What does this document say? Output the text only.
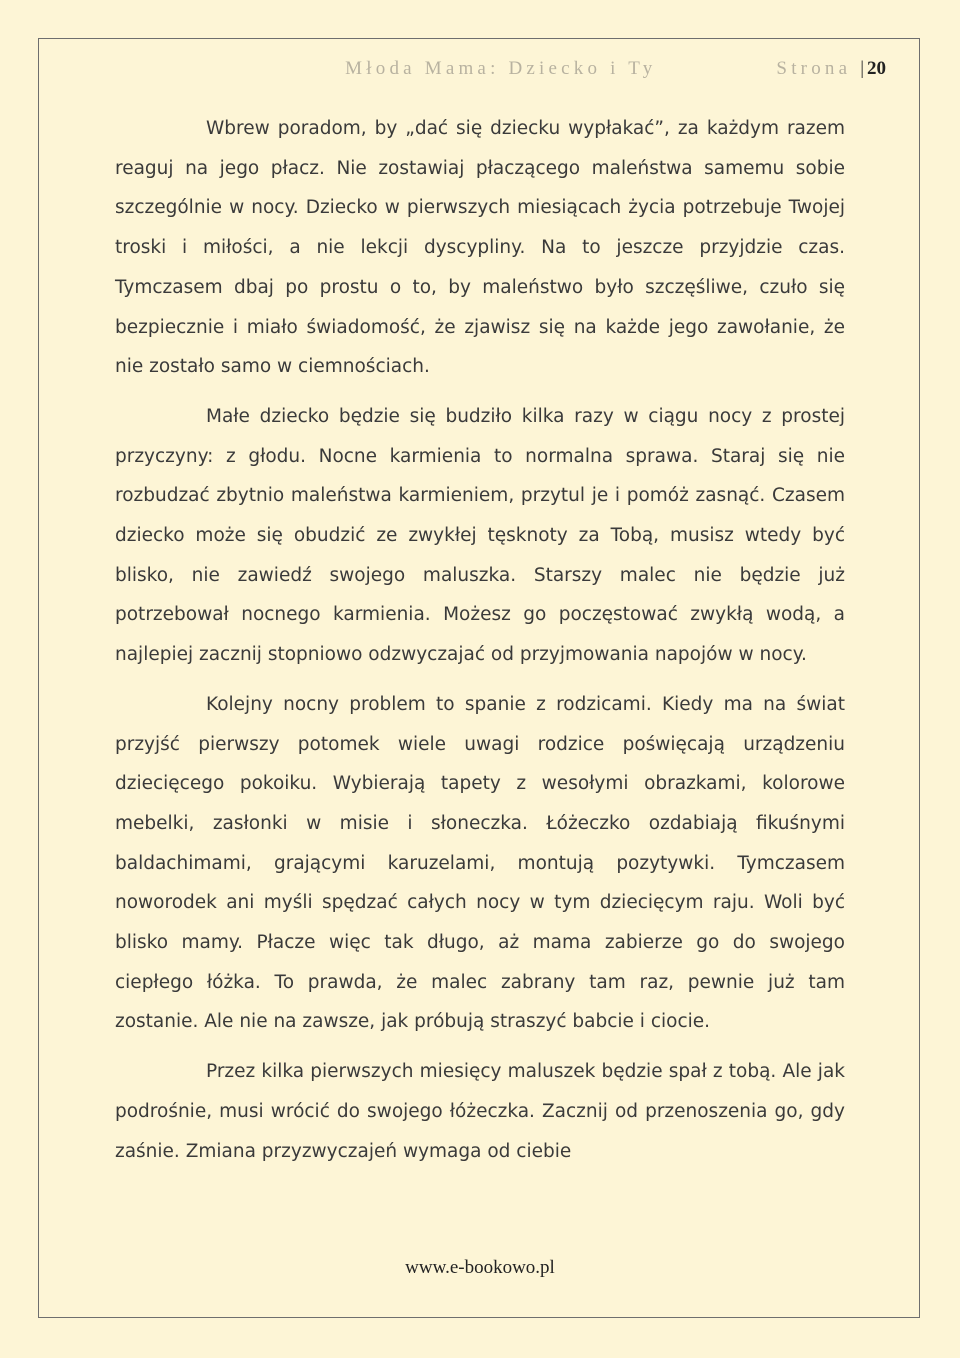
Młoda Mama: Dziecko i Ty	Strona | 20

Wbrew poradom, by „dać się dziecku wypłakać”, za każdym razem reaguj na jego płacz. Nie zostawiaj płaczącego maleństwa samemu sobie szczególnie w nocy. Dziecko w pierwszych miesiącach życia potrzebuje Twojej troski i miłości, a nie lekcji dyscypliny. Na to jeszcze przyjdzie czas. Tymczasem dbaj po prostu o to, by maleństwo było szczęśliwe, czuło się bezpiecznie i miało świadomość, że zjawisz się na każde jego zawołanie, że nie zostało samo w ciemnościach.

Małe dziecko będzie się budziło kilka razy w ciągu nocy z prostej przyczyny: z głodu. Nocne karmienia to normalna sprawa. Staraj się nie rozbudzać zbytnio maleństwa karmieniem, przytul je i pomóż zasnąć. Czasem dziecko może się obudzić ze zwykłej tęsknoty za Tobą, musisz wtedy być blisko, nie zawiedź swojego maluszka. Starszy malec nie będzie już potrzebował nocnego karmienia. Możesz go poczęstować zwykłą wodą, a najlepiej zacznij stopniowo odzwyczajać od przyjmowania napojów w nocy.

Kolejny nocny problem to spanie z rodzicami. Kiedy ma na świat przyjść pierwszy potomek wiele uwagi rodzice poświęcają urządzeniu dziecięcego pokoiku. Wybierają tapety z wesołymi obrazkami, kolorowe mebelki, zasłonki w misie i słoneczka. Łóżeczko ozdabiają fikuśnymi baldachimami, grającymi karuzelami, montują pozytywki. Tymczasem noworodek ani myśli spędzać całych nocy w tym dziecięcym raju. Woli być blisko mamy. Płacze więc tak długo, aż mama zabierze go do swojego ciepłego łóżka. To prawda, że malec zabrany tam raz, pewnie już tam zostanie. Ale nie na zawsze, jak próbują straszyć babcie i ciocie.

Przez kilka pierwszych miesięcy maluszek będzie spał z tobą. Ale jak podrośnie, musi wrócić do swojego łóżeczka. Zacznij od przenoszenia go, gdy zaśnie. Zmiana przyzwyczajeń wymaga od ciebie

www.e-bookowo.pl
